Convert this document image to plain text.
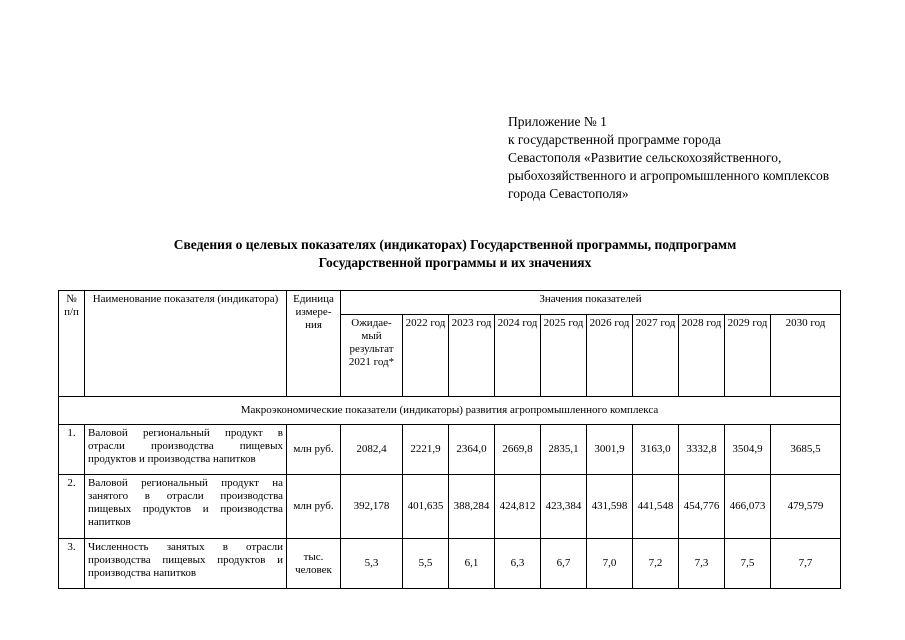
Приложение № 1
к государственной программе города
Севастополя «Развитие сельскохозяйственного,
рыбохозяйственного и агропромышленного комплексов
города Севастополя»
Сведения о целевых показателях (индикаторах) Государственной программы, подпрограмм
Государственной программы и их значениях
№ п/п	Наименование показателя (индикатора)	Единица измере-ния	Значения показателей									
			Ожидае-мый результат 2021 год*	2022 год	2023 год	2024 год	2025 год	2026 год	2027 год	2028 год	2029 год	2030 год
Макроэкономические показатели (индикаторы) развития агропромышленного комплекса												
1.	Валовой региональный продукт в отрасли производства пищевых продуктов и производства напитков	млн руб.	2082,4	2221,9	2364,0	2669,8	2835,1	3001,9	3163,0	3332,8	3504,9	3685,5
2.	Валовой региональный продукт на занятого в отрасли производства пищевых продуктов и производства напитков	млн руб.	392,178	401,635	388,284	424,812	423,384	431,598	441,548	454,776	466,073	479,579
3.	Численность занятых в отрасли производства пищевых продуктов и производства напитков	тыс. человек	5,3	5,5	6,1	6,3	6,7	7,0	7,2	7,3	7,5	7,7
